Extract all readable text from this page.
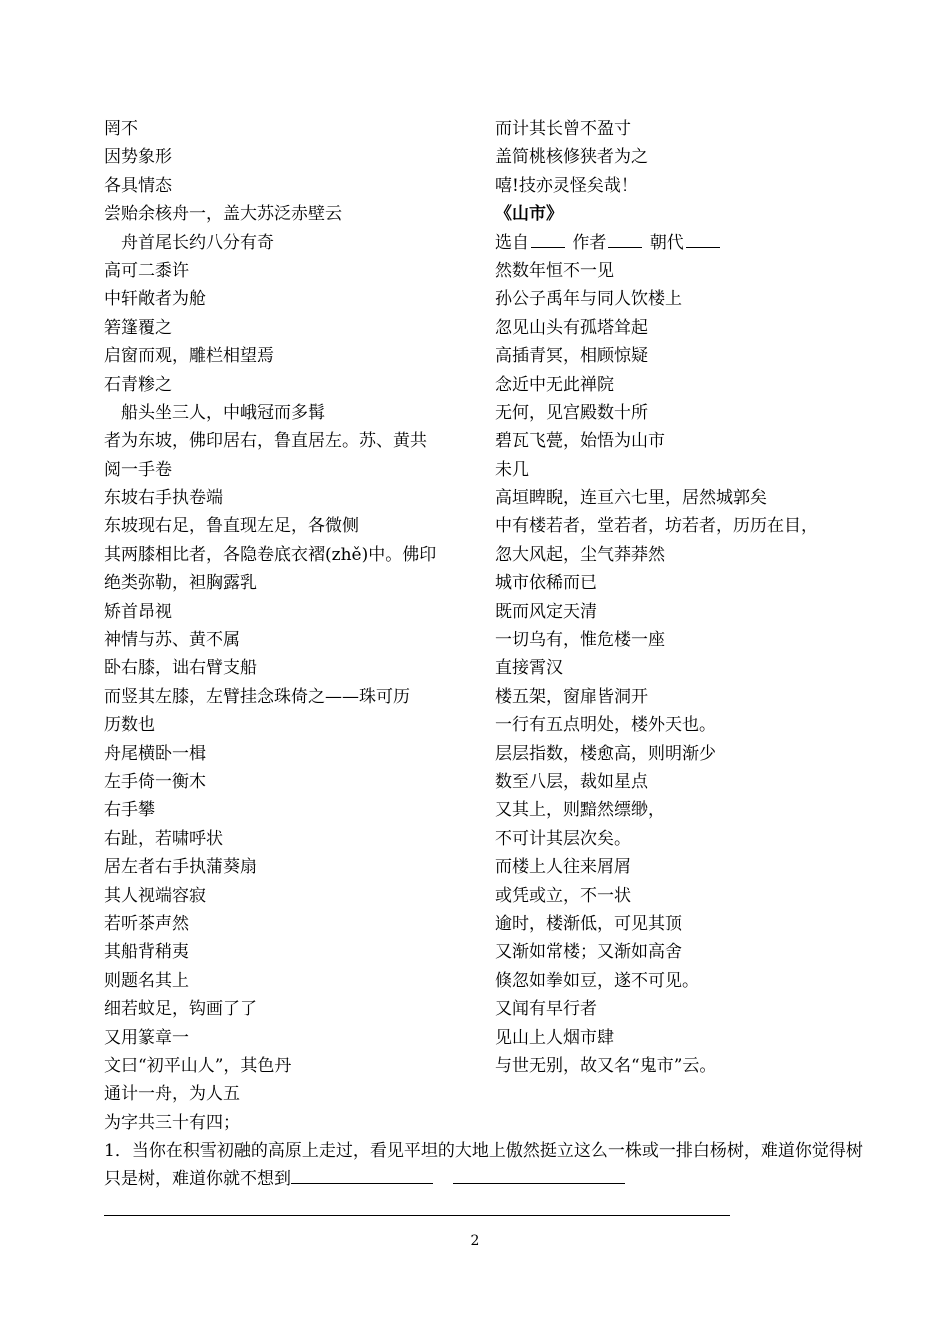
罔不
因势象形
各具情态
尝贻余核舟一，盖大苏泛赤壁云
　舟首尾长约八分有奇
高可二黍许
中轩敞者为舱
箬篷覆之
启窗而观，雕栏相望焉
石青糁之
　船头坐三人，中峨冠而多髯
者为东坡，佛印居右，鲁直居左。苏、黄共
阅一手卷
东坡右手执卷端
东坡现右足，鲁直现左足，各微侧
其两膝相比者，各隐卷底衣褶(zhě)中。佛印
绝类弥勒，袒胸露乳
矫首昂视
神情与苏、黄不属
卧右膝，诎右臂支船
而竖其左膝，左臂挂念珠倚之——珠可历
历数也
舟尾横卧一楫
左手倚一衡木
右手攀
右趾，若啸呼状
居左者右手执蒲葵扇
其人视端容寂
若听茶声然
其船背稍夷
则题名其上
细若蚊足，钩画了了
又用篆章一
文曰“初平山人”，其色丹
通计一舟，为人五
为字共三十有四；
而计其长曾不盈寸
盖简桃核修狭者为之
嘻!技亦灵怪矣哉！
《山市》
选自	作者	朝代
然数年恒不一见
孙公子禹年与同人饮楼上
忽见山头有孤塔耸起
高插青冥，相顾惊疑
念近中无此禅院
无何，见宫殿数十所
碧瓦飞甍，始悟为山市
未几
高垣睥睨，连亘六七里，居然城郭矣
中有楼若者，堂若者，坊若者，历历在目，
忽大风起，尘气莽莽然
城市依稀而已
既而风定天清
一切乌有，惟危楼一座
直接霄汉
楼五架，窗扉皆洞开
一行有五点明处，楼外天也。
层层指数，楼愈高，则明渐少
数至八层，裁如星点
又其上，则黯然缥缈，
不可计其层次矣。
而楼上人往来屑屑
或凭或立，不一状
逾时，楼渐低，可见其顶
又渐如常楼；又渐如高舍
倏忽如拳如豆，遂不可见。
又闻有早行者
见山上人烟市肆
与世无别，故又名“鬼市”云。
1．当你在积雪初融的高原上走过，看见平坦的大地上傲然挺立这么一株或一排白杨树，难道你觉得树只是树，难道你就不想到
2
